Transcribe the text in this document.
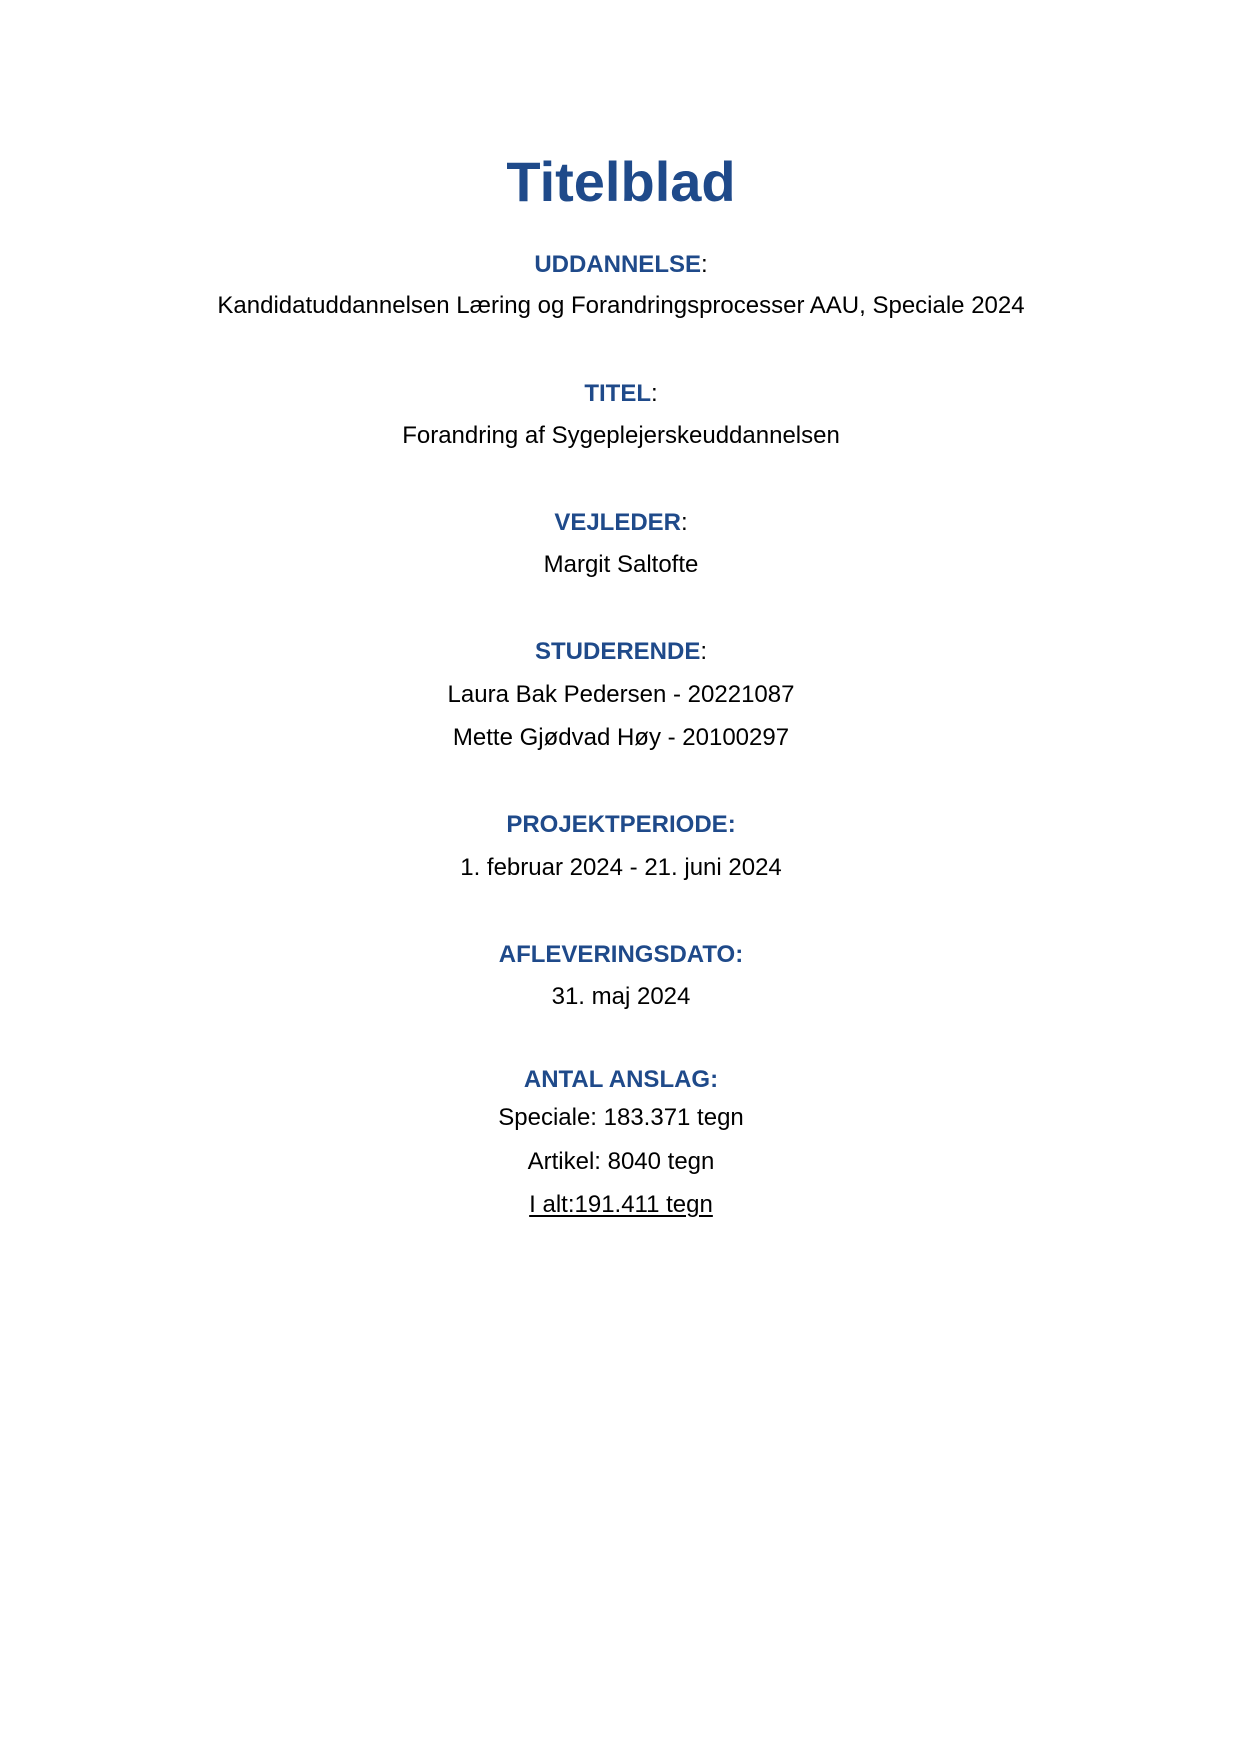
Titelblad
UDDANNELSE:
Kandidatuddannelsen Læring og Forandringsprocesser AAU, Speciale 2024
TITEL:
Forandring af Sygeplejerskeuddannelsen
VEJLEDER:
Margit Saltofte
STUDERENDE:
Laura Bak Pedersen - 20221087
Mette Gjødvad Høy - 20100297
PROJEKTPERIODE:
1. februar 2024 - 21. juni 2024
AFLEVERINGSDATO:
31. maj 2024
ANTAL ANSLAG:
Speciale: 183.371 tegn
Artikel: 8040 tegn
I alt:191.411 tegn
